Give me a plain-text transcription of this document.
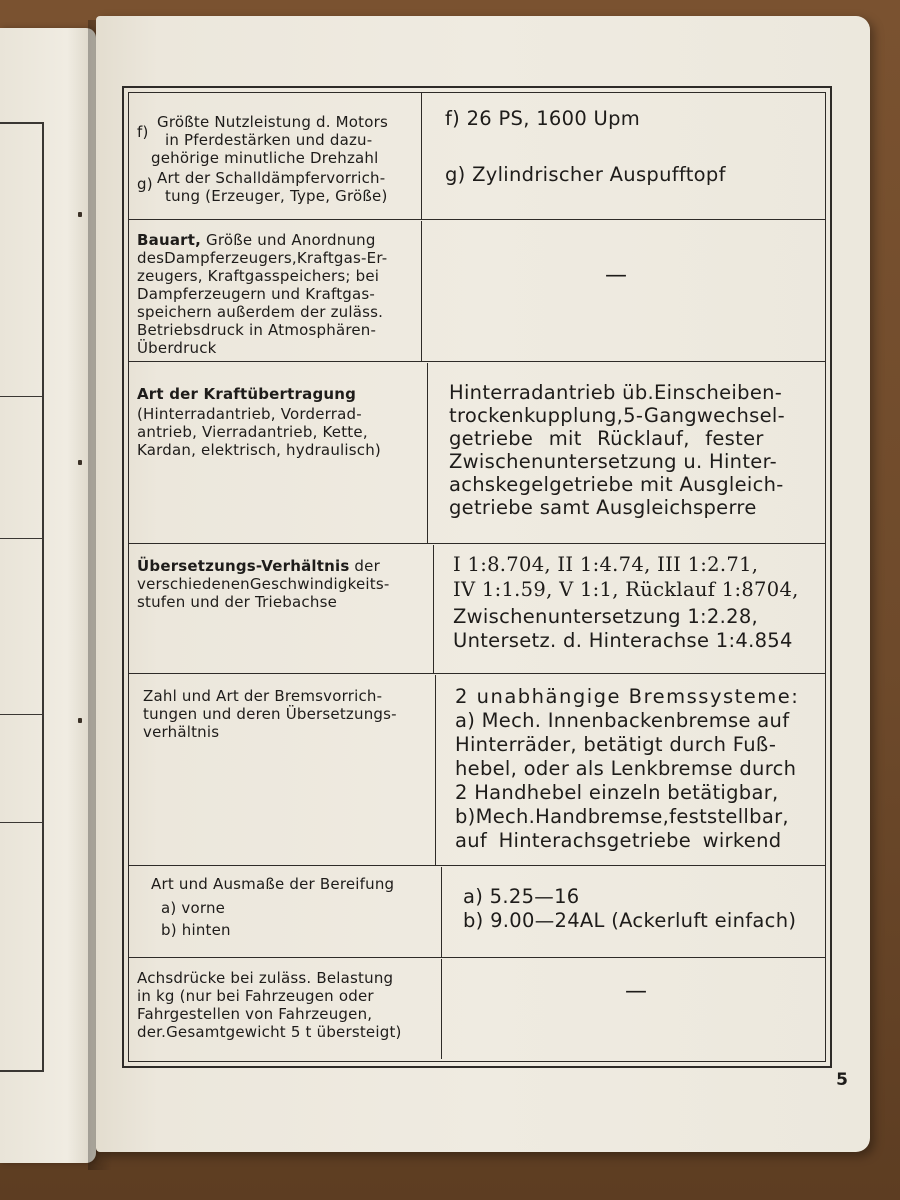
f)
Größte Nutzleistung d. Motors
in Pferdestärken und dazu-
gehörige minutliche Drehzahl
g) Art der Schalldämpfervorrich-
tung (Erzeuger, Type, Größe)
f) 26 PS, 1600 Upm
g) Zylindrischer Auspufftopf
Bauart, Größe und Anordnung
desDampferzeugers,Kraftgas-Er-
zeugers, Kraftgasspeichers; bei
Dampferzeugern und Kraftgas-
speichern außerdem der zuläss.
Betriebsdruck in Atmosphären-
Überdruck
—
Art der Kraftübertragung
(Hinterradantrieb, Vorderrad-
antrieb, Vierradantrieb, Kette,
Kardan, elektrisch, hydraulisch)
Hinterradantrieb üb.Einscheiben-
trockenkupplung,5-Gangwechsel-
getriebe mit Rücklauf, fester
Zwischenuntersetzung u. Hinter-
achskegelgetriebe mit Ausgleich-
getriebe samt Ausgleichsperre
Übersetzungs-Verhältnis der
verschiedenenGeschwindigkeits-
stufen und der Triebachse
I 1:8.704, II 1:4.74, III 1:2.71,
IV 1:1.59, V 1:1, Rücklauf 1:8704,
Zwischenuntersetzung 1:2.28,
Untersetz. d. Hinterachse 1:4.854
Zahl und Art der Bremsvorrich-
tungen und deren Übersetzungs-
verhältnis
2 unabhängige Bremssysteme:
a) Mech. Innenbackenbremse auf
Hinterräder, betätigt durch Fuß-
hebel, oder als Lenkbremse durch
2 Handhebel einzeln betätigbar,
b)Mech.Handbremse,feststellbar,
auf Hinterachsgetriebe wirkend
Art und Ausmaße der Bereifung
a) vorne
b) hinten
a) 5.25—16
b) 9.00—24AL (Ackerluft einfach)
Achsdrücke bei zuläss. Belastung
in kg (nur bei Fahrzeugen oder
Fahrgestellen von Fahrzeugen,
der.Gesamtgewicht 5 t übersteigt)
—
5
